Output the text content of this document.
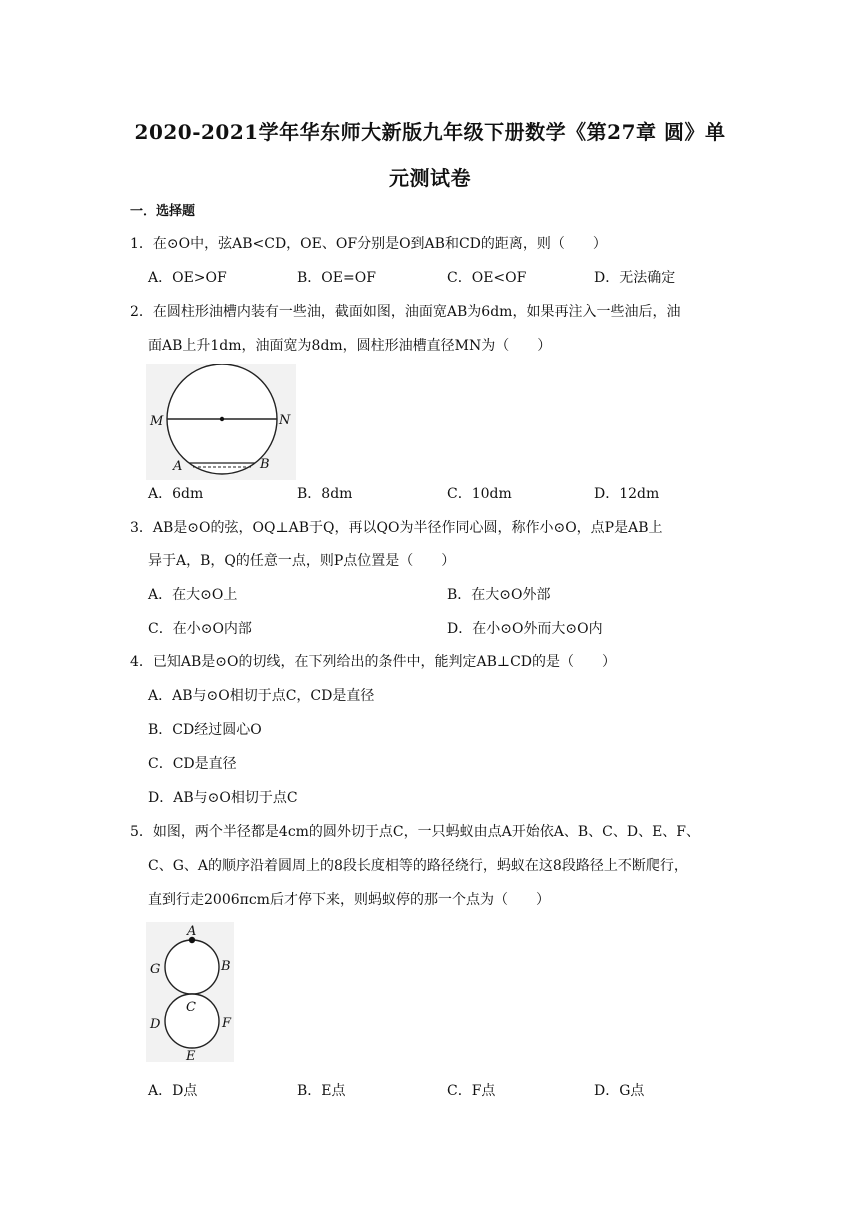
2020-2021学年华东师大新版九年级下册数学《第27章 圆》单
元测试卷
一．选择题
1．在⊙O中，弦AB<CD，OE、OF分别是O到AB和CD的距离，则（　　）
A．OE>OF	B．OE=OF	C．OE<OF	D．无法确定
2．在圆柱形油槽内装有一些油，截面如图，油面宽AB为6dm，如果再注入一些油后，油
面AB上升1dm，油面宽为8dm，圆柱形油槽直径MN为（　　）
M	N
A	B
A．6dm	B．8dm	C．10dm	D．12dm
3．AB是⊙O的弦，OQ⊥AB于Q，再以QO为半径作同心圆，称作小⊙O，点P是AB上
异于A，B，Q的任意一点，则P点位置是（　　）
A．在大⊙O上	B．在大⊙O外部
C．在小⊙O内部	D．在小⊙O外而大⊙O内
4．已知AB是⊙O的切线，在下列给出的条件中，能判定AB⊥CD的是（　　）
A．AB与⊙O相切于点C，CD是直径
B．CD经过圆心O
C．CD是直径
D．AB与⊙O相切于点C
5．如图，两个半径都是4cm的圆外切于点C，一只蚂蚁由点A开始依A、B、C、D、E、F、
C、G、A的顺序沿着圆周上的8段长度相等的路径绕行，蚂蚁在这8段路径上不断爬行，
直到行走2006πcm后才停下来，则蚂蚁停的那一个点为（　　）
A
G	B
C
D	F
E
A．D点	B．E点	C．F点	D．G点
